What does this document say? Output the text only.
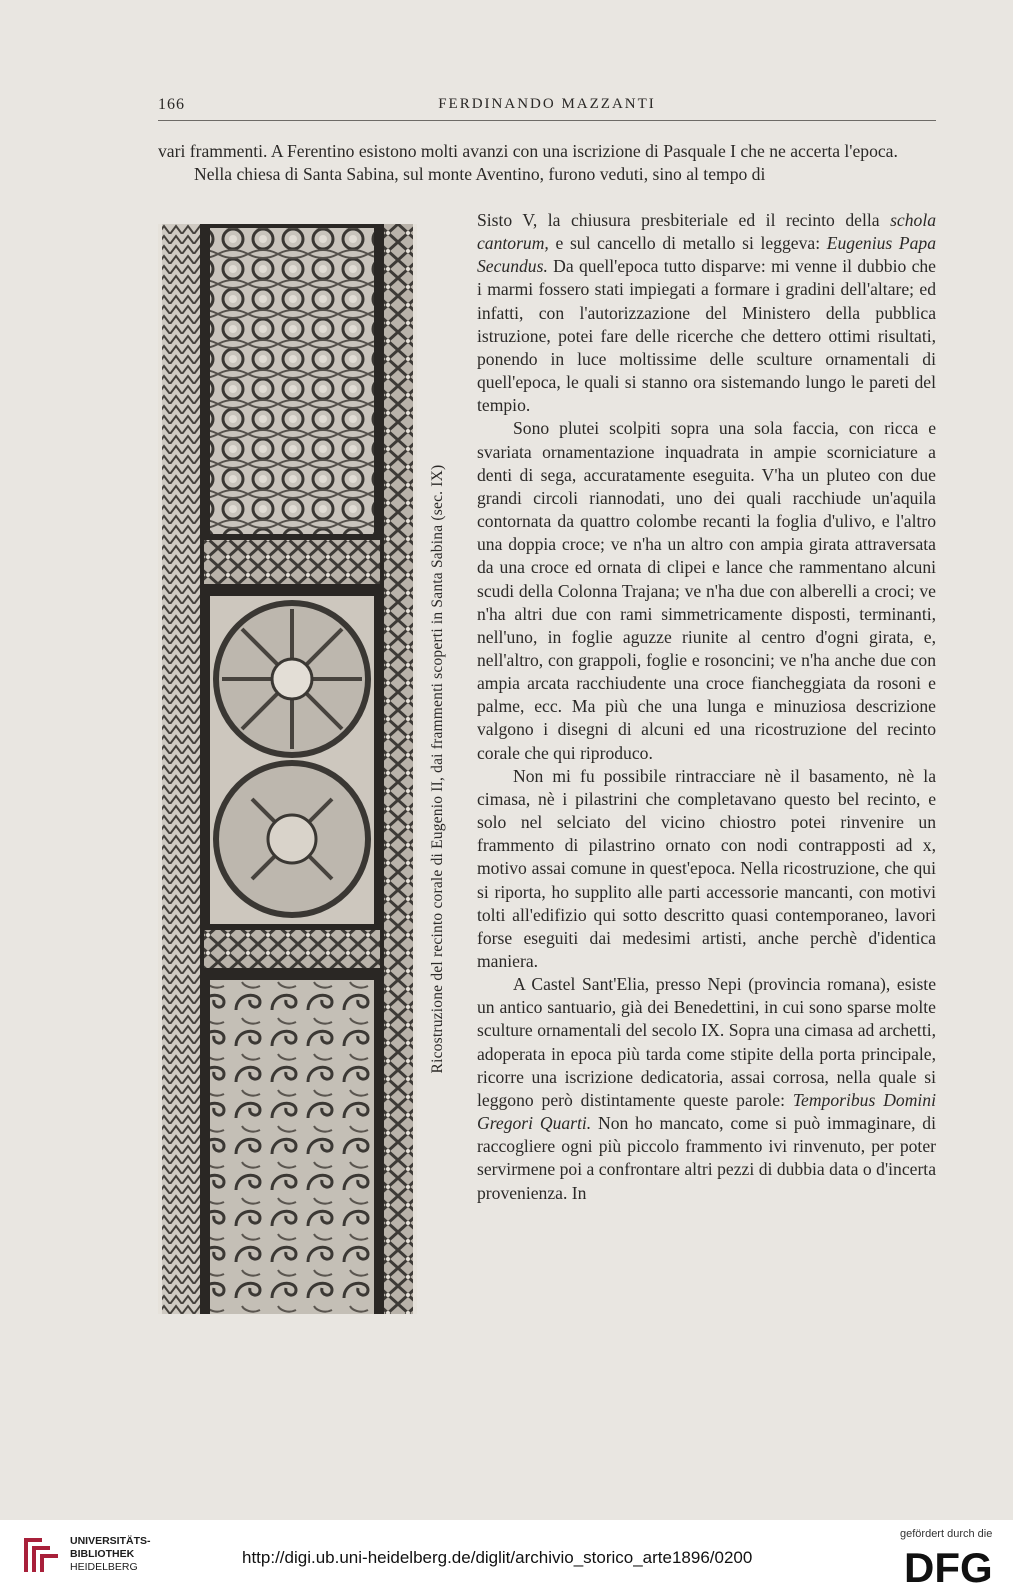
166	FERDINANDO MAZZANTI

vari frammenti. A Ferentino esistono molti avanzi con una iscrizione di Pasquale I che ne accerta l'epoca.

Nella chiesa di Santa Sabina, sul monte Aventino, furono veduti, sino al tempo di

Sisto V, la chiusura presbiteriale ed il recinto della schola cantorum, e sul cancello di metallo si leggeva: Eugenius Papa Secundus. Da quell'epoca tutto disparve: mi venne il dubbio che i marmi fossero stati impiegati a formare i gradini dell'altare; ed infatti, con l'autorizzazione del Ministero della pubblica istruzione, potei fare delle ricerche che dettero ottimi risultati, ponendo in luce moltissime delle sculture ornamentali di quell'epoca, le quali si stanno ora sistemando lungo le pareti del tempio.

Sono plutei scolpiti sopra una sola faccia, con ricca e svariata ornamentazione inquadrata in ampie scorniciature a denti di sega, accuratamente eseguita. V'ha un pluteo con due grandi circoli riannodati, uno dei quali racchiude un'aquila contornata da quattro colombe recanti la foglia d'ulivo, e l'altro una doppia croce; ve n'ha un altro con ampia girata attraversata da una croce ed ornata di clipei e lance che rammentano alcuni scudi della Colonna Trajana; ve n'ha due con alberelli a croci; ve n'ha altri due con rami simmetricamente disposti, terminanti, nell'uno, in foglie aguzze riunite al centro d'ogni girata, e, nell'altro, con grappoli, foglie e rosoncini; ve n'ha anche due con ampia arcata racchiudente una croce fiancheggiata da rosoni e palme, ecc. Ma più che una lunga e minuziosa descrizione valgono i disegni di alcuni ed una ricostruzione del recinto corale che qui riproduco.

Non mi fu possibile rintracciare nè il basamento, nè la cimasa, nè i pilastrini che completavano questo bel recinto, e solo nel selciato del vicino chiostro potei rinvenire un frammento di pilastrino ornato con nodi contrapposti ad x, motivo assai comune in quest'epoca. Nella ricostruzione, che qui si riporta, ho supplito alle parti accessorie mancanti, con motivi tolti all'edifizio qui sotto descritto quasi contemporaneo, lavori forse eseguiti dai medesimi artisti, anche perchè d'identica maniera.

A Castel Sant'Elia, presso Nepi (provincia romana), esiste un antico santuario, già dei Benedettini, in cui sono sparse molte sculture ornamentali del secolo IX. Sopra una cimasa ad archetti, adoperata in epoca più tarda come stipite della porta principale, ricorre una iscrizione dedicatoria, assai corrosa, nella quale si leggono però distintamente queste parole: Temporibus Domini Gregori Quarti. Non ho mancato, come si può immaginare, di raccogliere ogni più piccolo frammento ivi rinvenuto, per poter servirmene poi a confrontare altri pezzi di dubbia data o d'incerta provenienza. In

Ricostruzione del recinto corale di Eugenio II, dai frammenti scoperti in Santa Sabina (sec. IX)
UNIVERSITÄTS-
BIBLIOTHEK
HEIDELBERG	http://digi.ub.uni-heidelberg.de/diglit/archivio_storico_arte1896/0200
gefördert durch die
DFG
